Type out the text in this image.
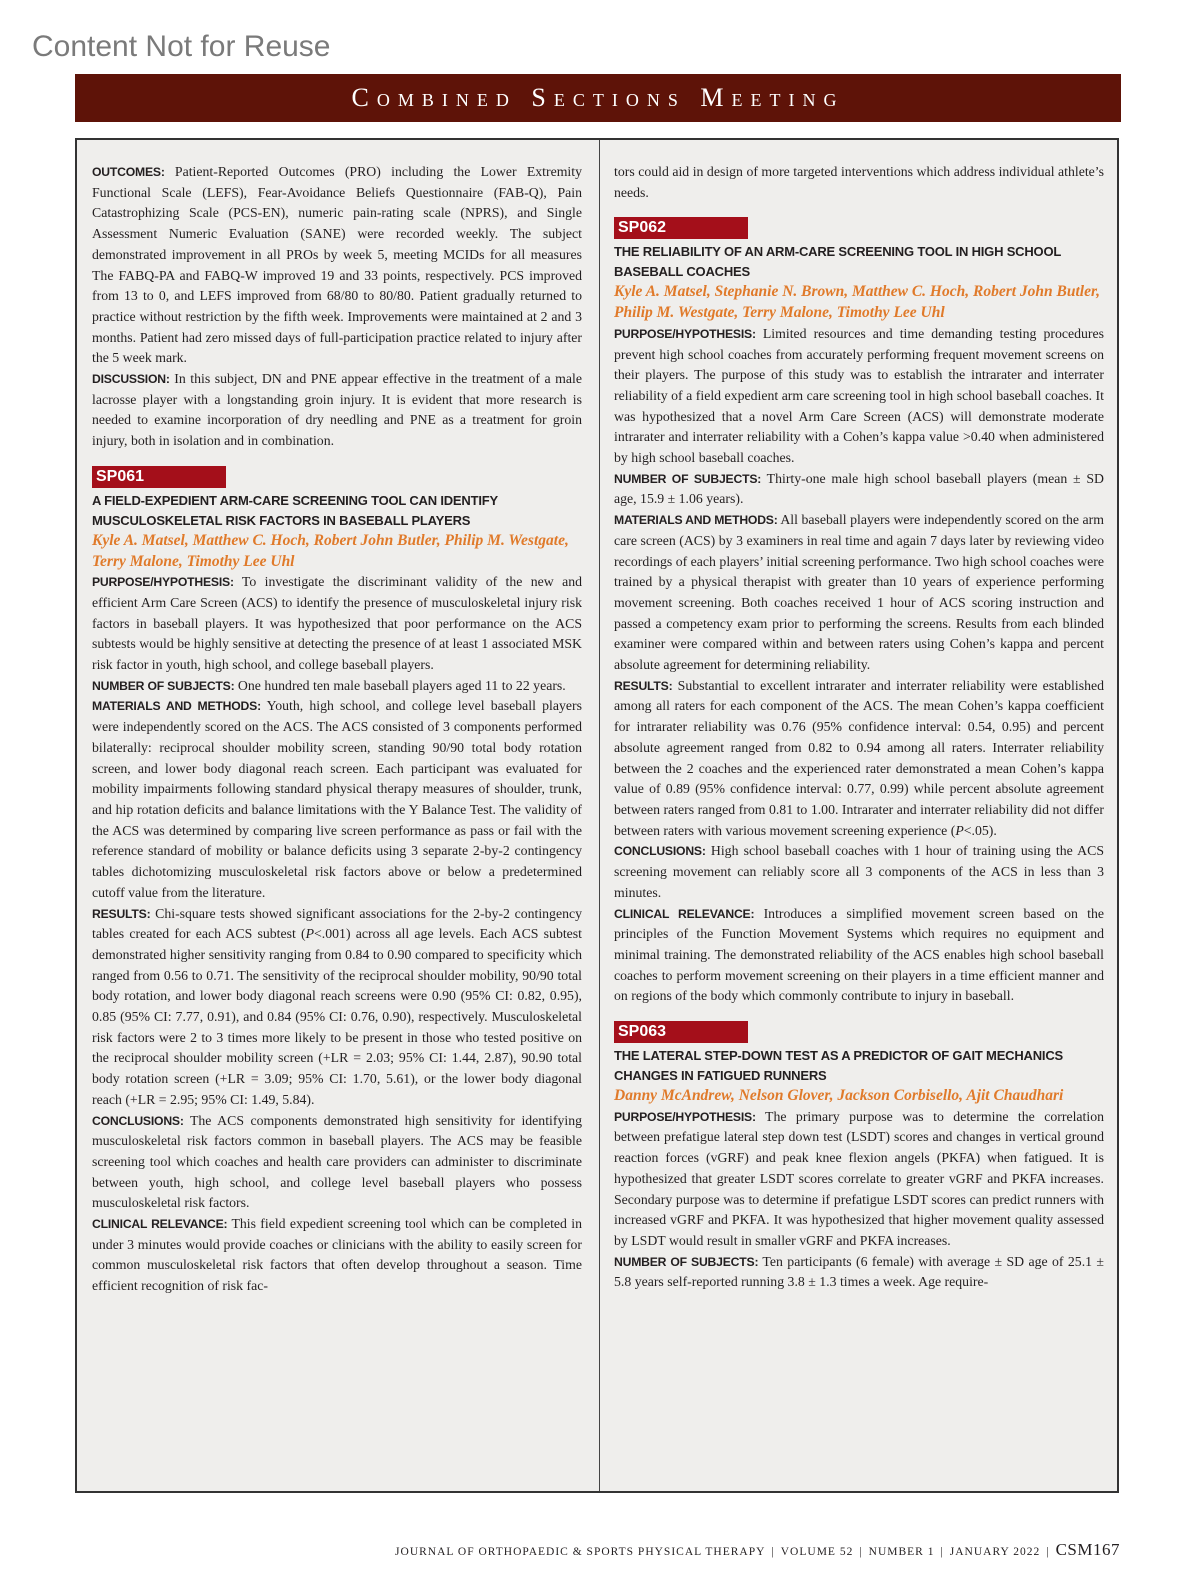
Content Not for Reuse
Combined Sections Meeting

OUTCOMES: Patient-Reported Outcomes (PRO) including the Lower Extremity Functional Scale (LEFS), Fear-Avoidance Beliefs Questionnaire (FAB-Q), Pain Catastrophizing Scale (PCS-EN), numeric pain-rating scale (NPRS), and Single Assessment Numeric Evaluation (SANE) were recorded weekly. The subject demonstrated improvement in all PROs by week 5, meeting MCIDs for all measures The FABQ-PA and FABQ-W improved 19 and 33 points, respectively. PCS improved from 13 to 0, and LEFS improved from 68/80 to 80/80. Patient gradually returned to practice without restriction by the fifth week. Improvements were maintained at 2 and 3 months. Patient had zero missed days of full-participation practice related to injury after the 5 week mark.

DISCUSSION: In this subject, DN and PNE appear effective in the treatment of a male lacrosse player with a longstanding groin injury. It is evident that more research is needed to examine incorporation of dry needling and PNE as a treatment for groin injury, both in isolation and in combination.

SP061
A FIELD-EXPEDIENT ARM-CARE SCREENING TOOL CAN IDENTIFY MUSCULOSKELETAL RISK FACTORS IN BASEBALL PLAYERS
Kyle A. Matsel, Matthew C. Hoch, Robert John Butler, Philip M. Westgate, Terry Malone, Timothy Lee Uhl

PURPOSE/HYPOTHESIS: To investigate the discriminant validity of the new and efficient Arm Care Screen (ACS) to identify the presence of musculoskeletal injury risk factors in baseball players. It was hypothesized that poor performance on the ACS subtests would be highly sensitive at detecting the presence of at least 1 associated MSK risk factor in youth, high school, and college baseball players.

NUMBER OF SUBJECTS: One hundred ten male baseball players aged 11 to 22 years.

MATERIALS AND METHODS: Youth, high school, and college level baseball players were independently scored on the ACS. The ACS consisted of 3 components performed bilaterally: reciprocal shoulder mobility screen, standing 90/90 total body rotation screen, and lower body diagonal reach screen. Each participant was evaluated for mobility impairments following standard physical therapy measures of shoulder, trunk, and hip rotation deficits and balance limitations with the Y Balance Test. The validity of the ACS was determined by comparing live screen performance as pass or fail with the reference standard of mobility or balance deficits using 3 separate 2-by-2 contingency tables dichotomizing musculoskeletal risk factors above or below a predetermined cutoff value from the literature.

RESULTS: Chi-square tests showed significant associations for the 2-by-2 contingency tables created for each ACS subtest (P<.001) across all age levels. Each ACS subtest demonstrated higher sensitivity ranging from 0.84 to 0.90 compared to specificity which ranged from 0.56 to 0.71. The sensitivity of the reciprocal shoulder mobility, 90/90 total body rotation, and lower body diagonal reach screens were 0.90 (95% CI: 0.82, 0.95), 0.85 (95% CI: 7.77, 0.91), and 0.84 (95% CI: 0.76, 0.90), respectively. Musculoskeletal risk factors were 2 to 3 times more likely to be present in those who tested positive on the reciprocal shoulder mobility screen (+LR = 2.03; 95% CI: 1.44, 2.87), 90.90 total body rotation screen (+LR = 3.09; 95% CI: 1.70, 5.61), or the lower body diagonal reach (+LR = 2.95; 95% CI: 1.49, 5.84).

CONCLUSIONS: The ACS components demonstrated high sensitivity for identifying musculoskeletal risk factors common in baseball players. The ACS may be feasible screening tool which coaches and health care providers can administer to discriminate between youth, high school, and college level baseball players who possess musculoskeletal risk factors.

CLINICAL RELEVANCE: This field expedient screening tool which can be completed in under 3 minutes would provide coaches or clinicians with the ability to easily screen for common musculoskeletal risk factors that often develop throughout a season. Time efficient recognition of risk fac-

tors could aid in design of more targeted interventions which address individual athlete’s needs.

SP062
THE RELIABILITY OF AN ARM-CARE SCREENING TOOL IN HIGH SCHOOL BASEBALL COACHES
Kyle A. Matsel, Stephanie N. Brown, Matthew C. Hoch, Robert John Butler, Philip M. Westgate, Terry Malone, Timothy Lee Uhl

PURPOSE/HYPOTHESIS: Limited resources and time demanding testing procedures prevent high school coaches from accurately performing frequent movement screens on their players. The purpose of this study was to establish the intrarater and interrater reliability of a field expedient arm care screening tool in high school baseball coaches. It was hypothesized that a novel Arm Care Screen (ACS) will demonstrate moderate intrarater and interrater reliability with a Cohen’s kappa value >0.40 when administered by high school baseball coaches.

NUMBER OF SUBJECTS: Thirty-one male high school baseball players (mean ± SD age, 15.9 ± 1.06 years).

MATERIALS AND METHODS: All baseball players were independently scored on the arm care screen (ACS) by 3 examiners in real time and again 7 days later by reviewing video recordings of each players’ initial screening performance. Two high school coaches were trained by a physical therapist with greater than 10 years of experience performing movement screening. Both coaches received 1 hour of ACS scoring instruction and passed a competency exam prior to performing the screens. Results from each blinded examiner were compared within and between raters using Cohen’s kappa and percent absolute agreement for determining reliability.

RESULTS: Substantial to excellent intrarater and interrater reliability were established among all raters for each component of the ACS. The mean Cohen’s kappa coefficient for intrarater reliability was 0.76 (95% confidence interval: 0.54, 0.95) and percent absolute agreement ranged from 0.82 to 0.94 among all raters. Interrater reliability between the 2 coaches and the experienced rater demonstrated a mean Cohen’s kappa value of 0.89 (95% confidence interval: 0.77, 0.99) while percent absolute agreement between raters ranged from 0.81 to 1.00. Intrarater and interrater reliability did not differ between raters with various movement screening experience (P<.05).

CONCLUSIONS: High school baseball coaches with 1 hour of training using the ACS screening movement can reliably score all 3 components of the ACS in less than 3 minutes.

CLINICAL RELEVANCE: Introduces a simplified movement screen based on the principles of the Function Movement Systems which requires no equipment and minimal training. The demonstrated reliability of the ACS enables high school baseball coaches to perform movement screening on their players in a time efficient manner and on regions of the body which commonly contribute to injury in baseball.

SP063
THE LATERAL STEP-DOWN TEST AS A PREDICTOR OF GAIT MECHANICS CHANGES IN FATIGUED RUNNERS
Danny McAndrew, Nelson Glover, Jackson Corbisello, Ajit Chaudhari

PURPOSE/HYPOTHESIS: The primary purpose was to determine the correlation between prefatigue lateral step down test (LSDT) scores and changes in vertical ground reaction forces (vGRF) and peak knee flexion angels (PKFA) when fatigued. It is hypothesized that greater LSDT scores correlate to greater vGRF and PKFA increases. Secondary purpose was to determine if prefatigue LSDT scores can predict runners with increased vGRF and PKFA. It was hypothesized that higher movement quality assessed by LSDT would result in smaller vGRF and PKFA increases.

NUMBER OF SUBJECTS: Ten participants (6 female) with average ± SD age of 25.1 ± 5.8 years self-reported running 3.8 ± 1.3 times a week. Age require-

JOURNAL OF ORTHOPAEDIC & SPORTS PHYSICAL THERAPY | VOLUME 52 | NUMBER 1 | JANUARY 2022 | CSM167
